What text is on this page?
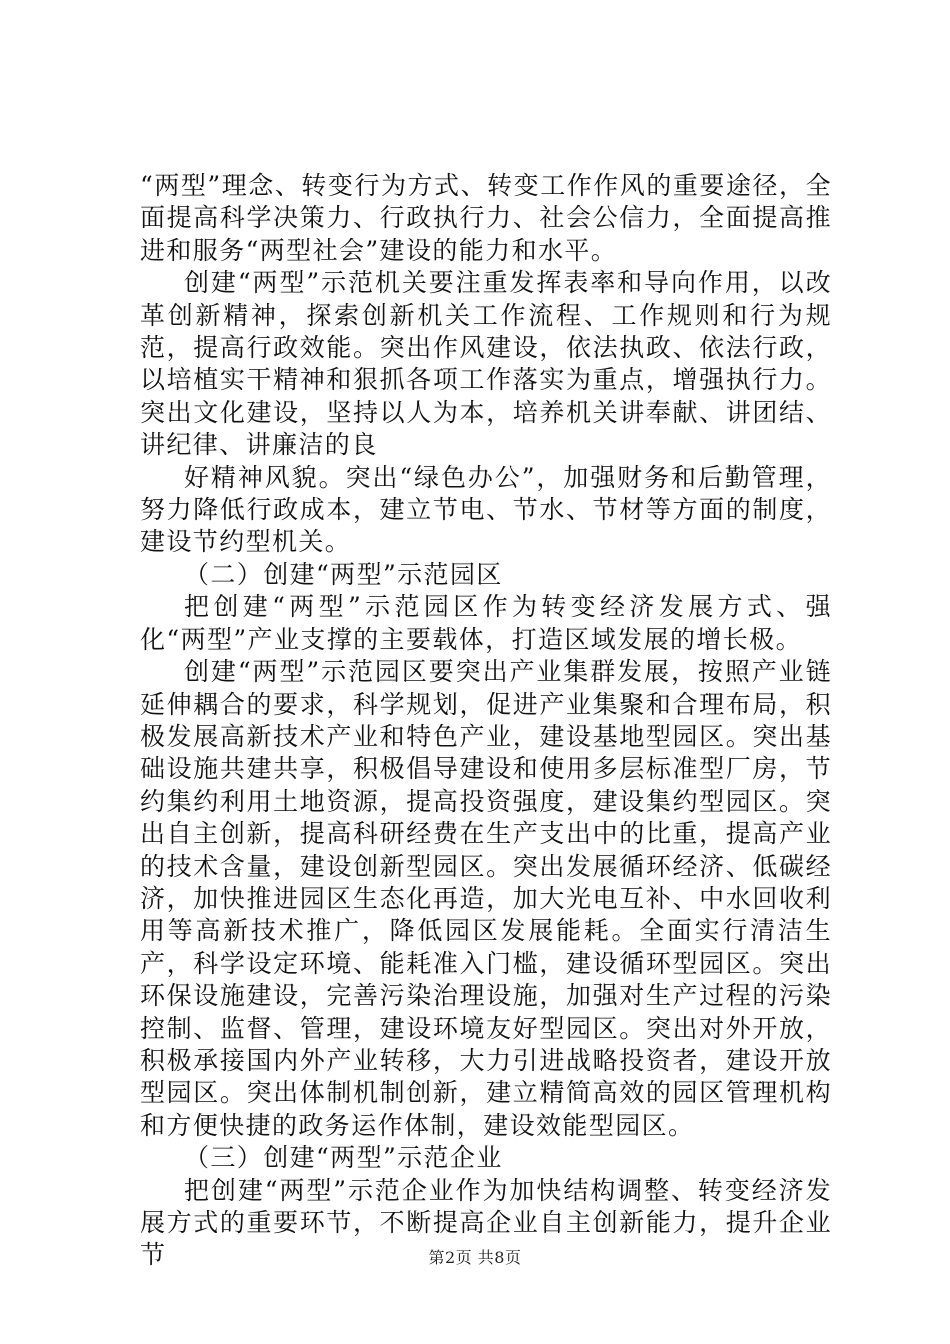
“两型”理念、转变行为方式、转变工作作风的重要途径，全面提高科学决策力、行政执行力、社会公信力，全面提高推进和服务“两型社会”建设的能力和水平。

创建“两型”示范机关要注重发挥表率和导向作用，以改革创新精神，探索创新机关工作流程、工作规则和行为规范，提高行政效能。突出作风建设，依法执政、依法行政，以培植实干精神和狠抓各项工作落实为重点，增强执行力。突出文化建设，坚持以人为本，培养机关讲奉献、讲团结、讲纪律、讲廉洁的良

好精神风貌。突出“绿色办公”，加强财务和后勤管理，努力降低行政成本，建立节电、节水、节材等方面的制度，建设节约型机关。

（二）创建“两型”示范园区

把创建“两型”示范园区作为转变经济发展方式、强化“两型”产业支撑的主要载体，打造区域发展的增长极。

创建“两型”示范园区要突出产业集群发展，按照产业链延伸耦合的要求，科学规划，促进产业集聚和合理布局，积极发展高新技术产业和特色产业，建设基地型园区。突出基础设施共建共享，积极倡导建设和使用多层标准型厂房，节约集约利用土地资源，提高投资强度，建设集约型园区。突出自主创新，提高科研经费在生产支出中的比重，提高产业的技术含量，建设创新型园区。突出发展循环经济、低碳经济，加快推进园区生态化再造，加大光电互补、中水回收利用等高新技术推广，降低园区发展能耗。全面实行清洁生产，科学设定环境、能耗准入门槛，建设循环型园区。突出环保设施建设，完善污染治理设施，加强对生产过程的污染控制、监督、管理，建设环境友好型园区。突出对外开放，积极承接国内外产业转移，大力引进战略投资者，建设开放型园区。突出体制机制创新，建立精简高效的园区管理机构和方便快捷的政务运作体制，建设效能型园区。

（三）创建“两型”示范企业

把创建“两型”示范企业作为加快结构调整、转变经济发展方式的重要环节，不断提高企业自主创新能力，提升企业节	第2页 共8页
